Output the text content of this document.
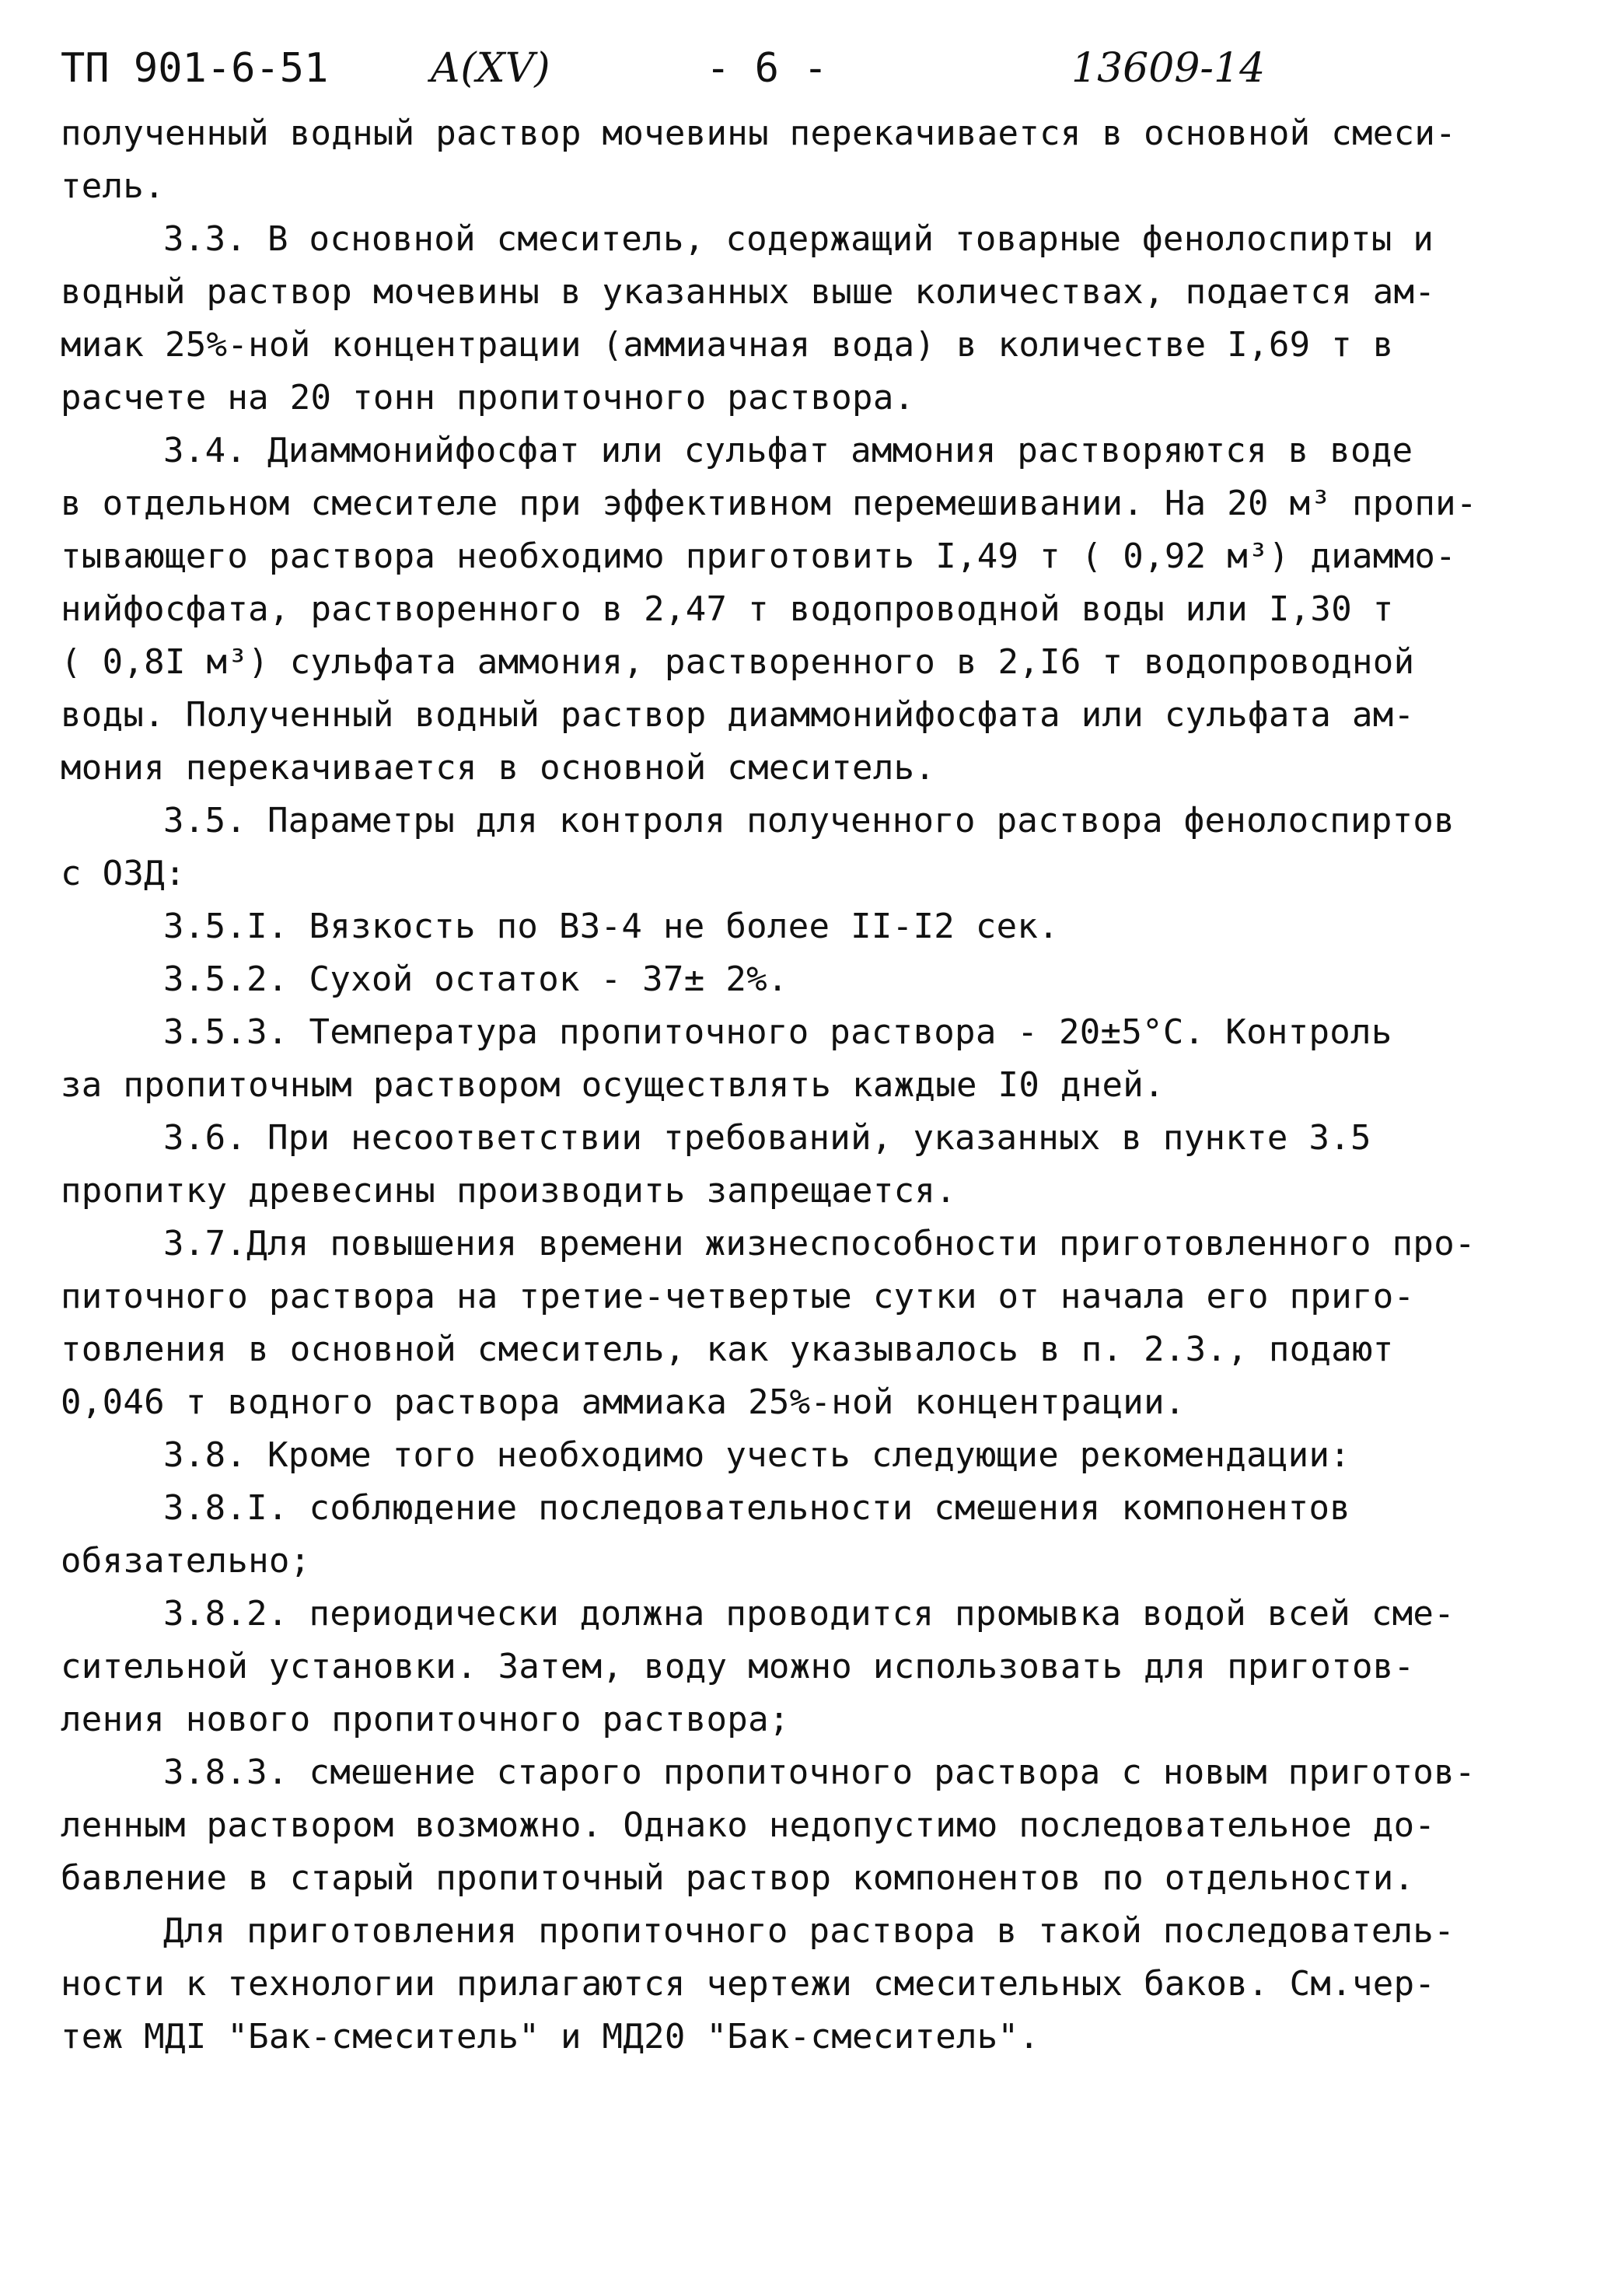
ТП 901-6-51	А(XV)	- 6 -	13609-14
полученный водный раствор мочевины перекачивается в основной смеси-
тель.
3.3. В основной смеситель, содержащий товарные фенолоспирты и
водный раствор мочевины в указанных выше количествах, подается ам-
миак 25%-ной концентрации (аммиачная вода) в количестве I,69 т в
расчете на 20 тонн пропиточного раствора.
3.4. Диаммонийфосфат или сульфат аммония растворяются в воде
в отдельном смесителе при эффективном перемешивании. На 20 м³ пропи-
тывающего раствора необходимо приготовить I,49 т ( 0,92 м³) диаммо-
нийфосфата, растворенного в 2,47 т водопроводной воды или I,30 т
( 0,8I м³) сульфата аммония, растворенного в 2,I6 т водопроводной
воды. Полученный водный раствор диаммонийфосфата или сульфата ам-
мония перекачивается в основной смеситель.
3.5. Параметры для контроля полученного раствора фенолоспиртов
с ОЗД:
3.5.I. Вязкость по ВЗ-4 не более II-I2 сек.
3.5.2. Сухой остаток - 37± 2%.
3.5.3. Температура пропиточного раствора - 20±5°С. Контроль
за пропиточным раствором осуществлять каждые I0 дней.
3.6. При несоответствии требований, указанных в пункте 3.5
пропитку древесины производить запрещается.
3.7.Для повышения времени жизнеспособности приготовленного про-
питочного раствора на третие-четвертые сутки от начала его приго-
товления в основной смеситель, как указывалось в п. 2.3., подают
0,046 т водного раствора аммиака 25%-ной концентрации.
3.8. Кроме того необходимо учесть следующие рекомендации:
3.8.I. соблюдение последовательности смешения компонентов
обязательно;
3.8.2. периодически должна проводится промывка водой всей сме-
сительной установки. Затем, воду можно использовать для приготов-
ления нового пропиточного раствора;
3.8.3. смешение старого пропиточного раствора с новым приготов-
ленным раствором возможно. Однако недопустимо последовательное до-
бавление в старый пропиточный раствор компонентов по отдельности.
Для приготовления пропиточного раствора в такой последователь-
ности к технологии прилагаются чертежи смесительных баков. См.чер-
теж МДI "Бак-смеситель" и МД20 "Бак-смеситель".
